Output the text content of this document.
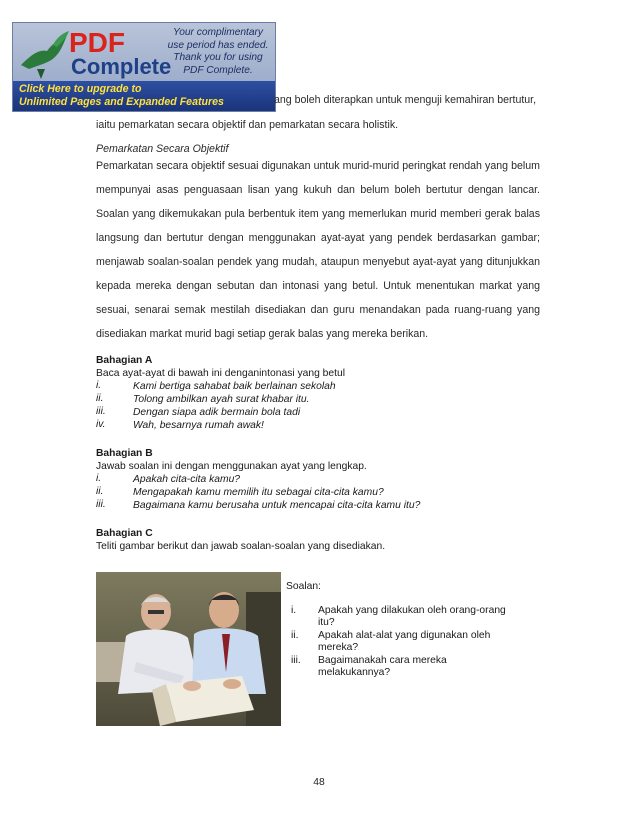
PDF
Complete
Your complimentary
use period has ended.
Thank you for using
PDF Complete.
Click Here to upgrade to
Unlimited Pages and Expanded Features	ang boleh diterapkan untuk menguji kemahiran bertutur,
iaitu pemarkatan secara objektif dan pemarkatan secara holistik.
Pemarkatan Secara Objektif
Pemarkatan secara objektif sesuai digunakan untuk murid-murid peringkat rendah yang belum mempunyai asas penguasaan lisan yang kukuh dan belum boleh bertutur dengan lancar. Soalan yang dikemukakan pula berbentuk item yang memerlukan murid memberi gerak balas langsung dan bertutur dengan menggunakan ayat-ayat yang pendek berdasarkan gambar; menjawab soalan-soalan pendek yang mudah, ataupun menyebut ayat-ayat yang ditunjukkan kepada mereka dengan sebutan dan intonasi yang betul. Untuk menentukan markat yang sesuai, senarai semak mestilah disediakan dan guru menandakan pada ruang-ruang yang disediakan markat murid bagi setiap gerak balas yang mereka berikan.
Bahagian A
Baca ayat-ayat di bawah ini denganintonasi yang betul
i.	Kami bertiga sahabat baik berlainan sekolah
ii.	Tolong ambilkan ayah surat khabar itu.
iii.	Dengan siapa adik bermain bola tadi
iv.	Wah, besarnya rumah awak!
Bahagian B
Jawab soalan ini dengan menggunakan ayat yang lengkap.
i.	Apakah cita-cita kamu?
ii.	Mengapakah kamu memilih itu sebagai cita-cita kamu?
iii.	Bagaimana kamu berusaha untuk mencapai cita-cita kamu itu?
Bahagian C
Teliti gambar berikut dan jawab soalan-soalan yang disediakan.
Soalan:
i. Apakah yang dilakukan oleh orang-orang
itu?
ii. Apakah alat-alat yang digunakan oleh
mereka?
iii. Bagaimanakah cara mereka
melakukannya?
48
